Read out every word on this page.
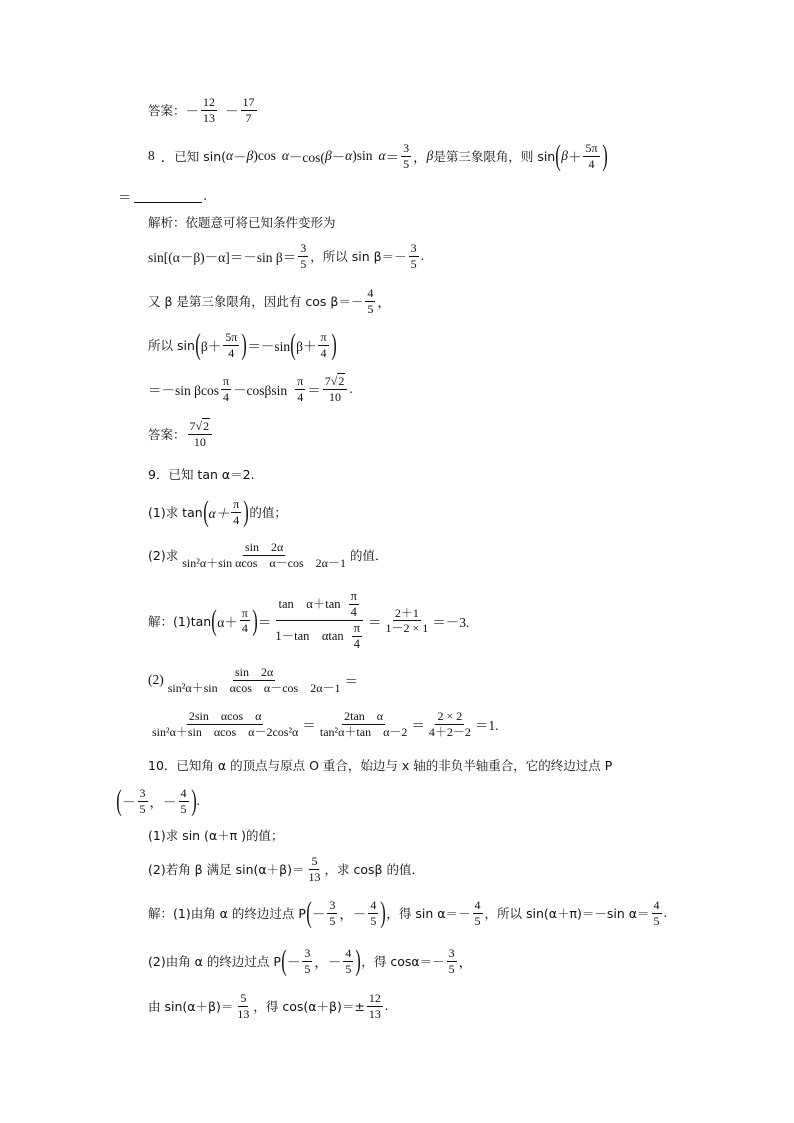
答案： － $\frac{12}{13} - \frac{17}{7}$
8 ． 已知 sin( α － β )cos α －cos( β － α )sin $\alpha = \frac{3}{5}$ ， β 是第三象限角，则 sin ( $\beta + \frac{5\pi}{4}$ )
＝	.
解析：依题意可将已知条件变形为
sin[(α－β)－α]＝－sin $\beta= \frac{3}{5}$ ，所以 $\sin \beta=- \frac{3}{5}$ .
又 β 是第三象限角，因此有 $\cos \beta=- \frac{4}{5}$ ，
所以 sin ( $\beta+ \frac{5\pi}{4}$ ) ＝－sin ( $\beta+ \frac{\pi}{4}$ )
＝－sin βcos $\frac{\pi}{4} -\cos\beta\sin \frac{\pi}{4} = \frac{7√2}{10}$ .
答案： $\frac{7√2}{10}$
9．已知 tan α＝2.
(1)求 tan ( $\alpha+ \frac{\pi}{4}$ ) 的值；
(2)求 $\frac{\sin 2\alpha}{\text{sin²α＋sin αcos　α－cos　2α－1}}$ 的值．
解：(1)tan ( $\alpha+ \frac{\pi}{4}$ ) ＝ $\frac{\tan \alpha+\tan \frac{\pi}{4}}{1-\tan \alpha\tan \frac{\pi}{4}} = \frac{2+1}{1-2 \times 1} =-3$.
$(2) \frac{\sin 2\alpha}{\text{sin²α＋sin　αcos　α－cos　2α－1}}$ ＝
$\frac{\text{2sin　αcos　α}}{\text{sin²α＋sin　αcos　α－2cos²α}} = \frac{\text{2tan　α}}{\text{tan²α＋tan　α－2}} = \frac{2 \times 2}{4+2-2} =1$.
10．已知角 α 的顶点与原点 O 重合，始边与 x 轴的非负半轴重合，它的终边过点 P
( － $\frac{3}{5}$ ，－ $\frac{4}{5}$ ) .
(1)求 sin (α＋π )的值；
(2)若角 β 满足 $\sin(\alpha+\beta)= \frac{5}{13}$ ，求 cosβ 的值．
解：(1)由角 α 的终边过点 P ( － $\frac{3}{5}$ ，－ $\frac{4}{5}$ ) ，得 $\sin \alpha=- \frac{4}{5}$ ，所以 sin(α＋π)＝－sin $\alpha= \frac{4}{5}$ .
(2)由角 α 的终边过点 P ( － $\frac{3}{5}$ ，－ $\frac{4}{5}$ ) ，得 $\cos\alpha=- \frac{3}{5}$ ，
由 $\sin(\alpha+\beta)= \frac{5}{13}$ ，得 $\cos(\alpha+\beta)=\pm \frac{12}{13}$ .
